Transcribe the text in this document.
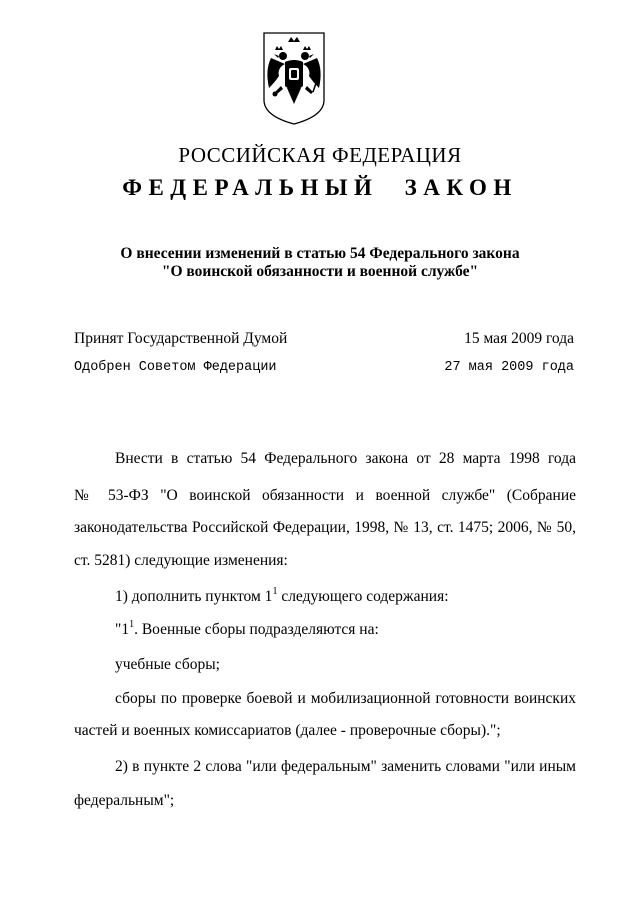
РОССИЙСКАЯ ФЕДЕРАЦИЯ
ФЕДЕРАЛЬНЫЙ ЗАКОН
О внесении изменений в статью 54 Федерального закона
"О воинской обязанности и военной службе"
Принят Государственной Думой	15 мая 2009 года
Одобрен Советом Федерации	27 мая 2009 года
Внести в статью 54 Федерального закона от 28 марта 1998 года
№ 53-ФЗ "О воинской обязанности и военной службе" (Собрание
законодательства Российской Федерации, 1998, № 13, ст. 1475; 2006, № 50,
ст. 5281) следующие изменения:
1) дополнить пунктом $1^1$ следующего содержания:
"$1^1$. Военные сборы подразделяются на:
учебные сборы;
сборы по проверке боевой и мобилизационной готовности воинских
частей и военных комиссариатов (далее - проверочные сборы).";
2) в пункте 2 слова "или федеральным" заменить словами "или иным
федеральным";
